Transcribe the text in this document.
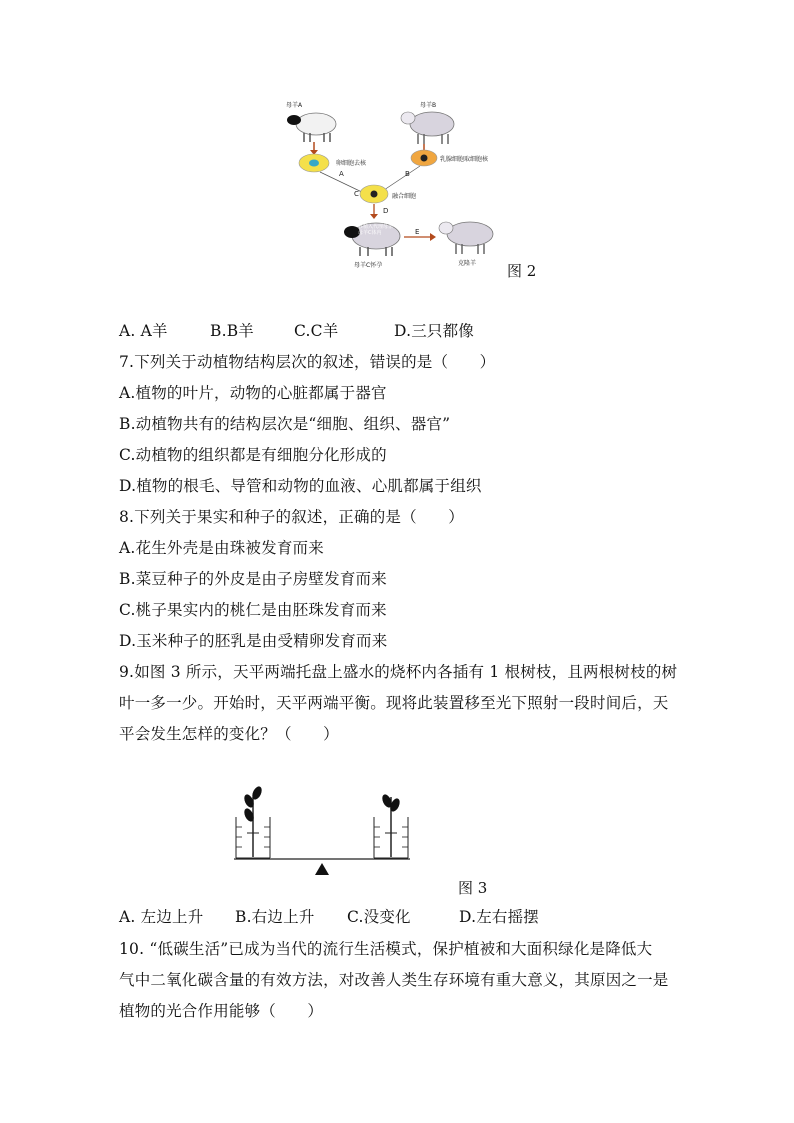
母羊A	母羊B
卵细胞去核
乳腺细胞取细胞核
融合细胞
移植入代理母亲
母羊C体内
母羊C怀孕	克隆羊
A	B
C
D
E
图 2
A. A羊	B.B羊	C.C羊	D.三只都像
7.下列关于动植物结构层次的叙述，错误的是（　　）
A.植物的叶片，动物的心脏都属于器官
B.动植物共有的结构层次是“细胞、组织、器官”
C.动植物的组织都是有细胞分化形成的
D.植物的根毛、导管和动物的血液、心肌都属于组织
8.下列关于果实和种子的叙述，正确的是（　　）
A.花生外壳是由珠被发育而来
B.菜豆种子的外皮是由子房壁发育而来
C.桃子果实内的桃仁是由胚珠发育而来
D.玉米种子的胚乳是由受精卵发育而来
9.如图 3 所示，天平两端托盘上盛水的烧杯内各插有 1 根树枝，且两根树枝的树
叶一多一少。开始时，天平两端平衡。现将此装置移至光下照射一段时间后，天
平会发生怎样的变化？（　　）
图 3
A. 左边上升 B.右边上升 C.没变化	D.左右摇摆
10. “低碳生活”已成为当代的流行生活模式，保护植被和大面积绿化是降低大
气中二氧化碳含量的有效方法，对改善人类生存环境有重大意义，其原因之一是
植物的光合作用能够（　　）
